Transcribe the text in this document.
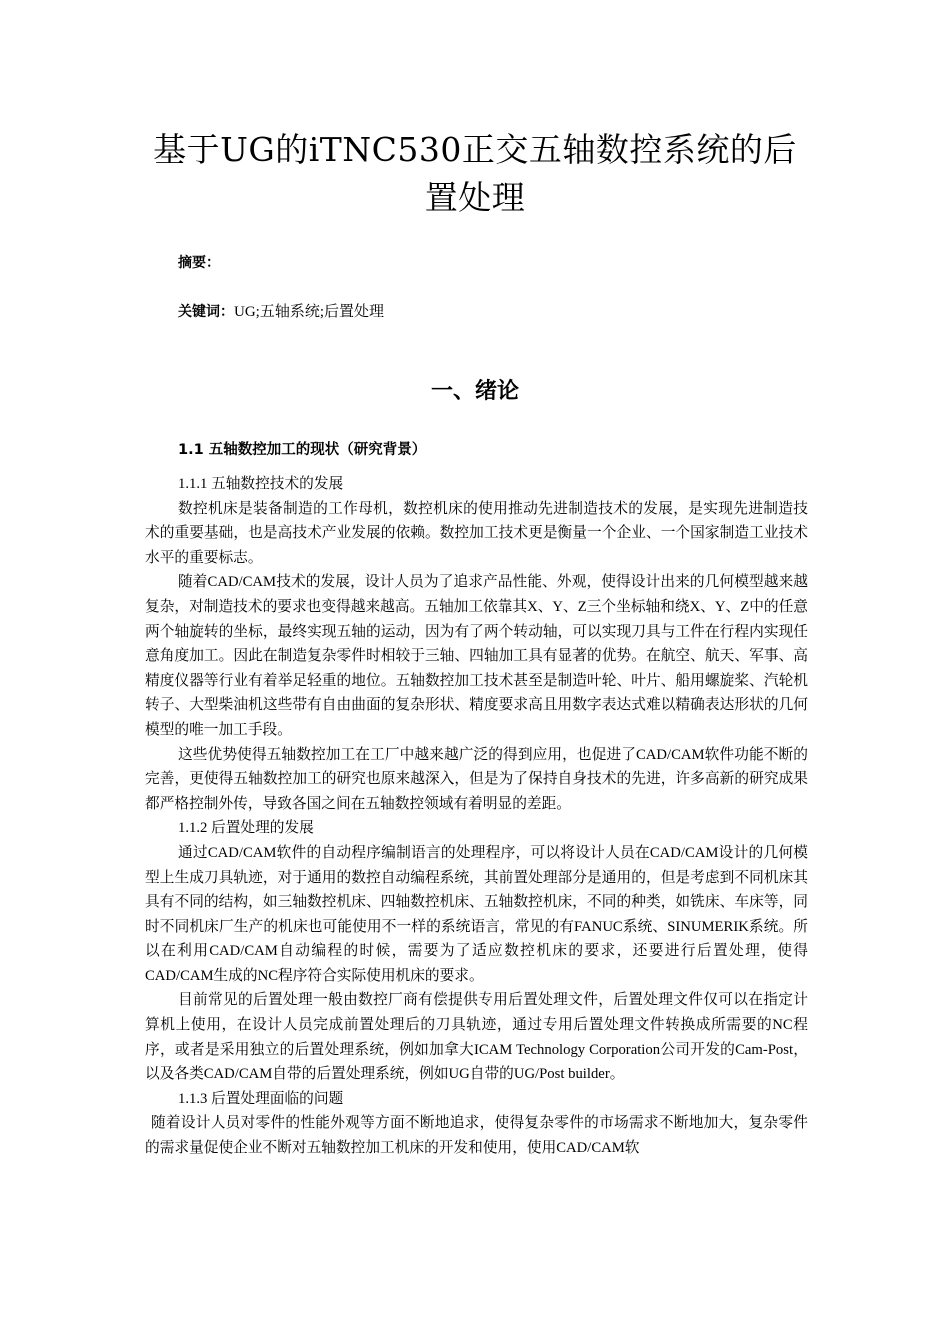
基于UG的iTNC530正交五轴数控系统的后置处理
摘要：
关键词：UG;五轴系统;后置处理
一、绪论
1.1 五轴数控加工的现状（研究背景）

1.1.1 五轴数控技术的发展

数控机床是装备制造的工作母机，数控机床的使用推动先进制造技术的发展，是实现先进制造技术的重要基础，也是高技术产业发展的依赖。数控加工技术更是衡量一个企业、一个国家制造工业技术水平的重要标志。

随着CAD/CAM技术的发展，设计人员为了追求产品性能、外观，使得设计出来的几何模型越来越复杂，对制造技术的要求也变得越来越高。五轴加工依靠其X、Y、Z三个坐标轴和绕X、Y、Z中的任意两个轴旋转的坐标，最终实现五轴的运动，因为有了两个转动轴，可以实现刀具与工件在行程内实现任意角度加工。因此在制造复杂零件时相较于三轴、四轴加工具有显著的优势。在航空、航天、军事、高精度仪器等行业有着举足轻重的地位。五轴数控加工技术甚至是制造叶轮、叶片、船用螺旋桨、汽轮机转子、大型柴油机这些带有自由曲面的复杂形状、精度要求高且用数字表达式难以精确表达形状的几何模型的唯一加工手段。

这些优势使得五轴数控加工在工厂中越来越广泛的得到应用，也促进了CAD/CAM软件功能不断的完善，更使得五轴数控加工的研究也原来越深入，但是为了保持自身技术的先进，许多高新的研究成果都严格控制外传，导致各国之间在五轴数控领域有着明显的差距。

1.1.2 后置处理的发展

通过CAD/CAM软件的自动程序编制语言的处理程序，可以将设计人员在CAD/CAM设计的几何模型上生成刀具轨迹，对于通用的数控自动编程系统，其前置处理部分是通用的，但是考虑到不同机床其具有不同的结构，如三轴数控机床、四轴数控机床、五轴数控机床，不同的种类，如铣床、车床等，同时不同机床厂生产的机床也可能使用不一样的系统语言，常见的有FANUC系统、SINUMERIK系统。所以在利用CAD/CAM自动编程的时候，需要为了适应数控机床的要求，还要进行后置处理，使得CAD/CAM生成的NC程序符合实际使用机床的要求。

目前常见的后置处理一般由数控厂商有偿提供专用后置处理文件，后置处理文件仅可以在指定计算机上使用，在设计人员完成前置处理后的刀具轨迹，通过专用后置处理文件转换成所需要的NC程序，或者是采用独立的后置处理系统，例如加拿大ICAM Technology Corporation公司开发的Cam-Post，以及各类CAD/CAM自带的后置处理系统，例如UG自带的UG/Post builder。

1.1.3 后置处理面临的问题

随着设计人员对零件的性能外观等方面不断地追求，使得复杂零件的市场需求不断地加大，复杂零件的需求量促使企业不断对五轴数控加工机床的开发和使用，使用CAD/CAM软
